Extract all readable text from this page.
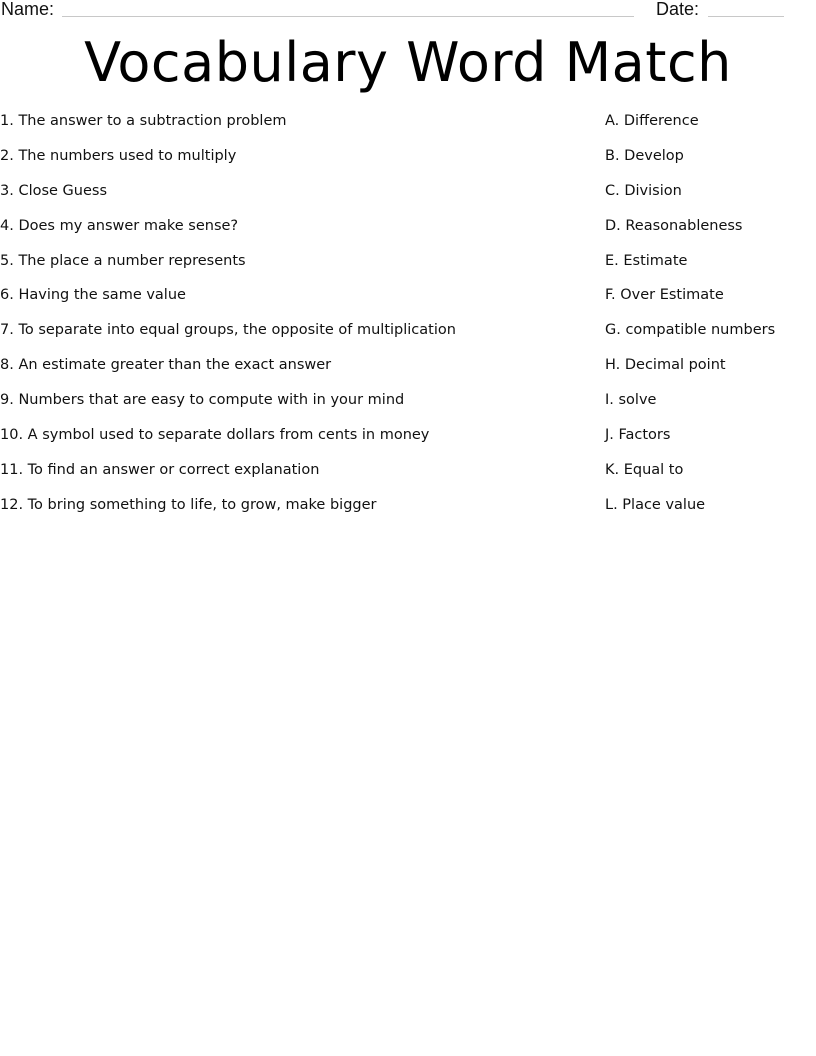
Name:	Date:
Vocabulary Word Match
1. The answer to a subtraction problem
2. The numbers used to multiply
3. Close Guess
4. Does my answer make sense?
5. The place a number represents
6. Having the same value
7. To separate into equal groups, the opposite of multiplication
8. An estimate greater than the exact answer
9. Numbers that are easy to compute with in your mind
10. A symbol used to separate dollars from cents in money
11. To find an answer or correct explanation
12. To bring something to life, to grow, make bigger
A. Difference
B. Develop
C. Division
D. Reasonableness
E. Estimate
F. Over Estimate
G. compatible numbers
H. Decimal point
I. solve
J. Factors
K. Equal to
L. Place value
